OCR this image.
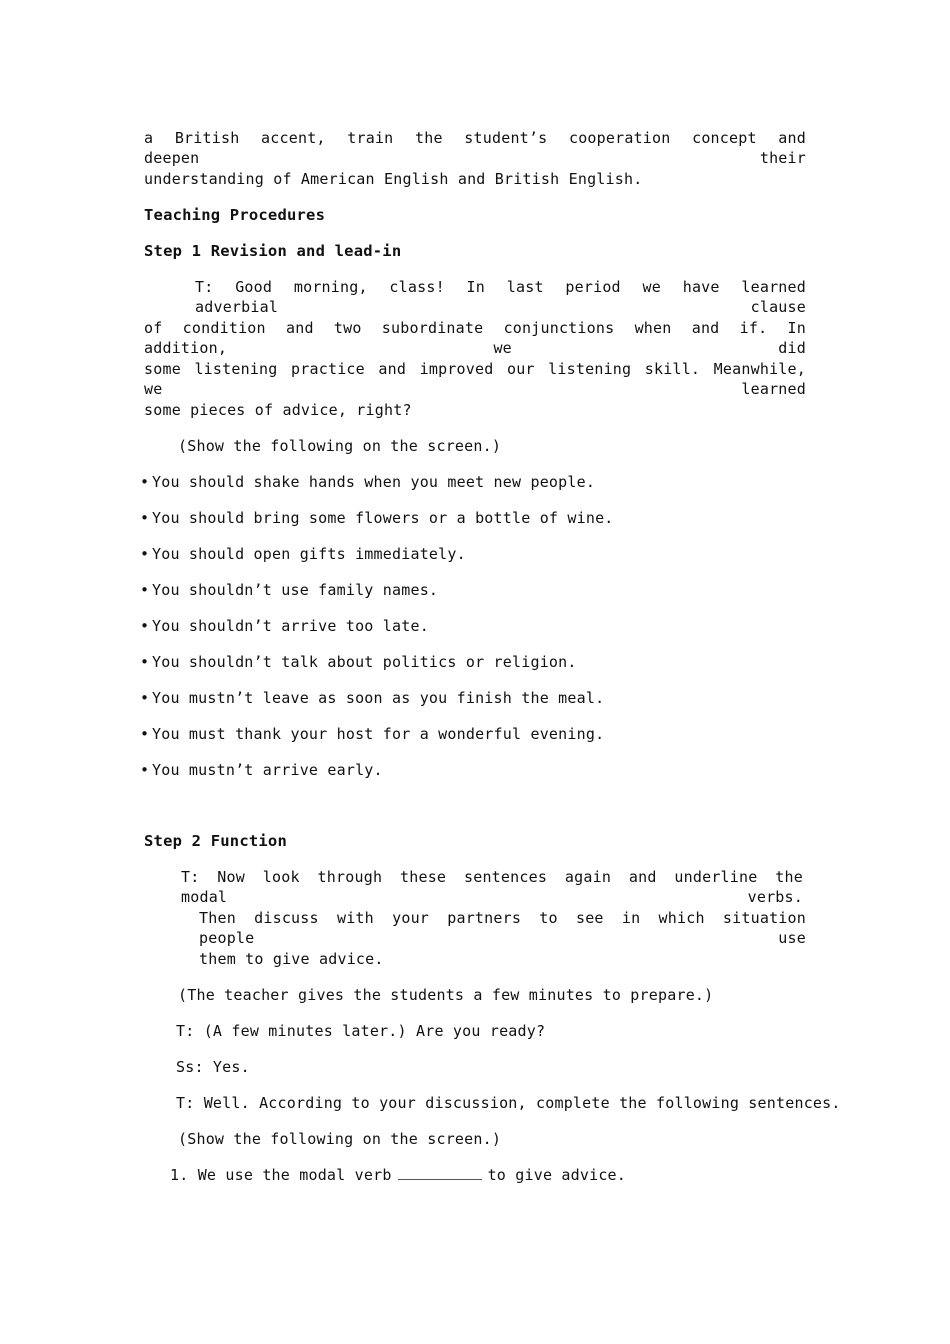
a British accent, train the student’s cooperation concept and deepen their
understanding of American English and British English.
Teaching Procedures
Step 1 Revision and lead-in
T: Good morning, class! In last period we have learned adverbial clause
of condition and two subordinate conjunctions when and if. In addition, we did
some listening practice and improved our listening skill. Meanwhile, we learned
some pieces of advice, right?
(Show the following on the screen.)
• You should shake hands when you meet new people.
• You should bring some flowers or a bottle of wine.
• You should open gifts immediately.
• You shouldn’t use family names.
• You shouldn’t arrive too late.
• You shouldn’t talk about politics or religion.
• You mustn’t leave as soon as you finish the meal.
• You must thank your host for a wonderful evening.
• You mustn’t arrive early.
Step 2 Function
T: Now look through these sentences again and underline the modal verbs.
Then discuss with your partners to see in which situation people use
them to give advice.
(The teacher gives the students a few minutes to prepare.)
T: (A few minutes later.) Are you ready?
Ss: Yes.
T: Well. According to your discussion, complete the following sentences.
(Show the following on the screen.)
1. We use the modal verb	to give advice.
